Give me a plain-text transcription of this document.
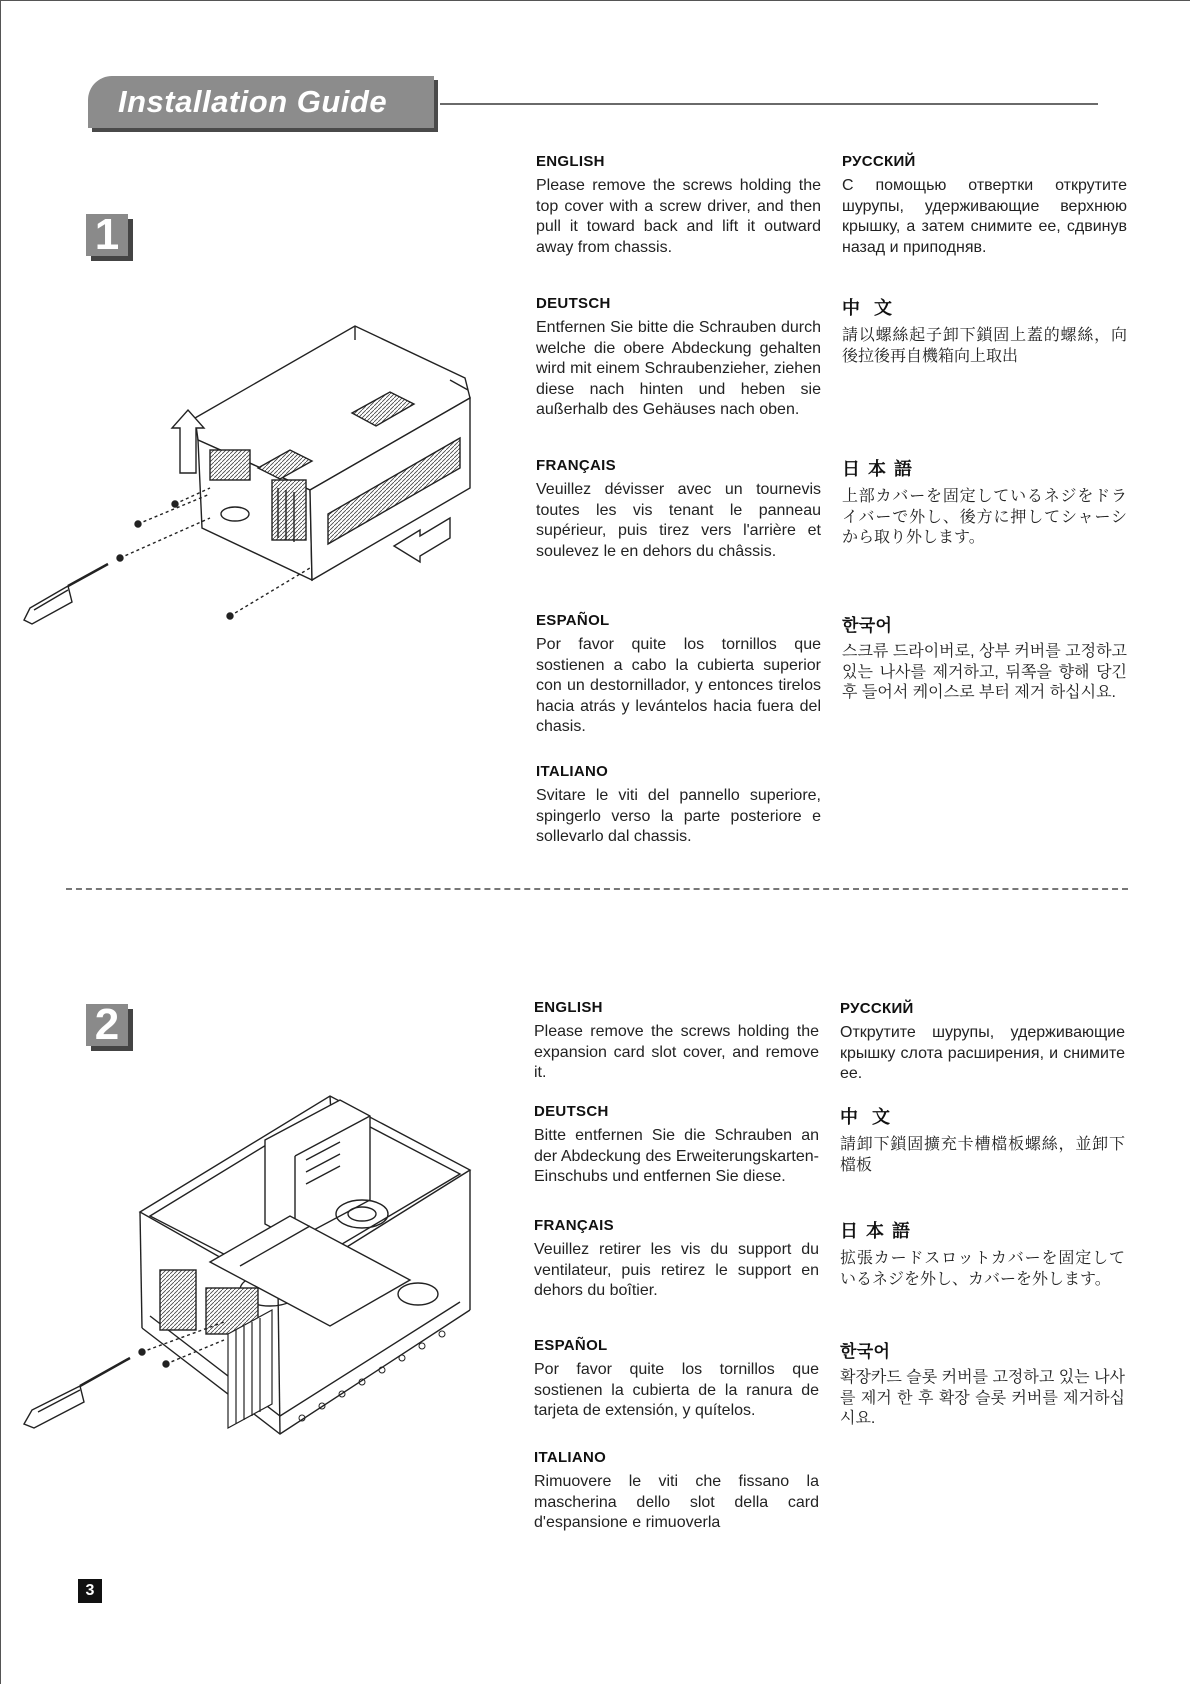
Installation Guide
1
ENGLISH
Please remove the screws holding the top cover with a screw driver, and then pull it toward back and lift it outward away from chassis.
DEUTSCH
Entfernen Sie bitte die Schrauben durch welche die obere Abdeckung gehalten wird mit einem Schraubenzieher, ziehen diese nach hinten und heben sie außerhalb des Gehäuses nach oben.
FRANÇAIS
Veuillez dévisser avec un tournevis toutes les vis tenant le panneau supérieur, puis tirez vers l'arrière et soulevez le en dehors du châssis.
ESPAÑOL
Por favor quite los tornillos que sostienen a cabo la cubierta superior con un destornillador, y entonces tirelos hacia atrás y levántelos hacia fuera del chasis.
ITALIANO
Svitare le viti del pannello superiore, spingerlo verso la parte posteriore e sollevarlo dal chassis.
РУССКИЙ
С помощью отвертки открутите шурупы, удерживающие верхнюю крышку, а затем снимите ее, сдвинув назад и приподняв.
中文
請以螺絲起子卸下鎖固上蓋的螺絲，向後拉後再自機箱向上取出
日本語
上部カバーを固定しているネジをドライバーで外し、後方に押してシャーシから取り外します。
한국어
스크류 드라이버로, 상부 커버를 고정하고 있는 나사를 제거하고, 뒤쪽을 향해 당긴후 들어서 케이스로 부터 제거 하십시요.
2	ENGLISH
Please remove the screws holding the expansion card slot cover, and remove it.
DEUTSCH
Bitte entfernen Sie die Schrauben an der Abdeckung des Erweiterungskarten-Einschubs und entfernen Sie diese.
FRANÇAIS
Veuillez retirer les vis du support du ventilateur, puis retirez le support en dehors du boîtier.
ESPAÑOL
Por favor quite los tornillos que sostienen la cubierta de la ranura de tarjeta de extensión, y quítelos.
ITALIANO
Rimuovere le viti che fissano la mascherina dello slot della card d'espansione e rimuoverla
РУССКИЙ
Открутите шурупы, удерживающие крышку слота расширения, и снимите ее.
中文
請卸下鎖固擴充卡槽檔板螺絲，並卸下檔板
日本語
拡張カードスロットカバーを固定しているネジを外し、カバーを外します。
한국어
확장카드 슬롯 커버를 고정하고 있는 나사를 제거 한 후 확장 슬롯 커버를 제거하십시요.
3
